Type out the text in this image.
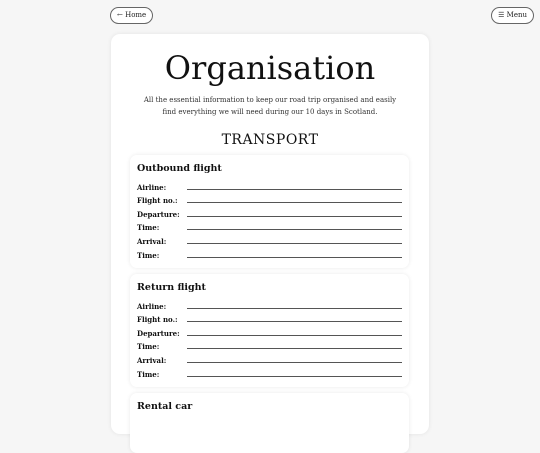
← Home	☰ Menu
Organisation

All the essential information to keep our road trip organised and easily find everything we will need during our 10 days in Scotland.

TRANSPORT
Outbound flight
Airline:
Flight no.:
Departure:
Time:
Arrival:
Time:
Return flight
Airline:
Flight no.:
Departure:
Time:
Arrival:
Time:
Rental car
